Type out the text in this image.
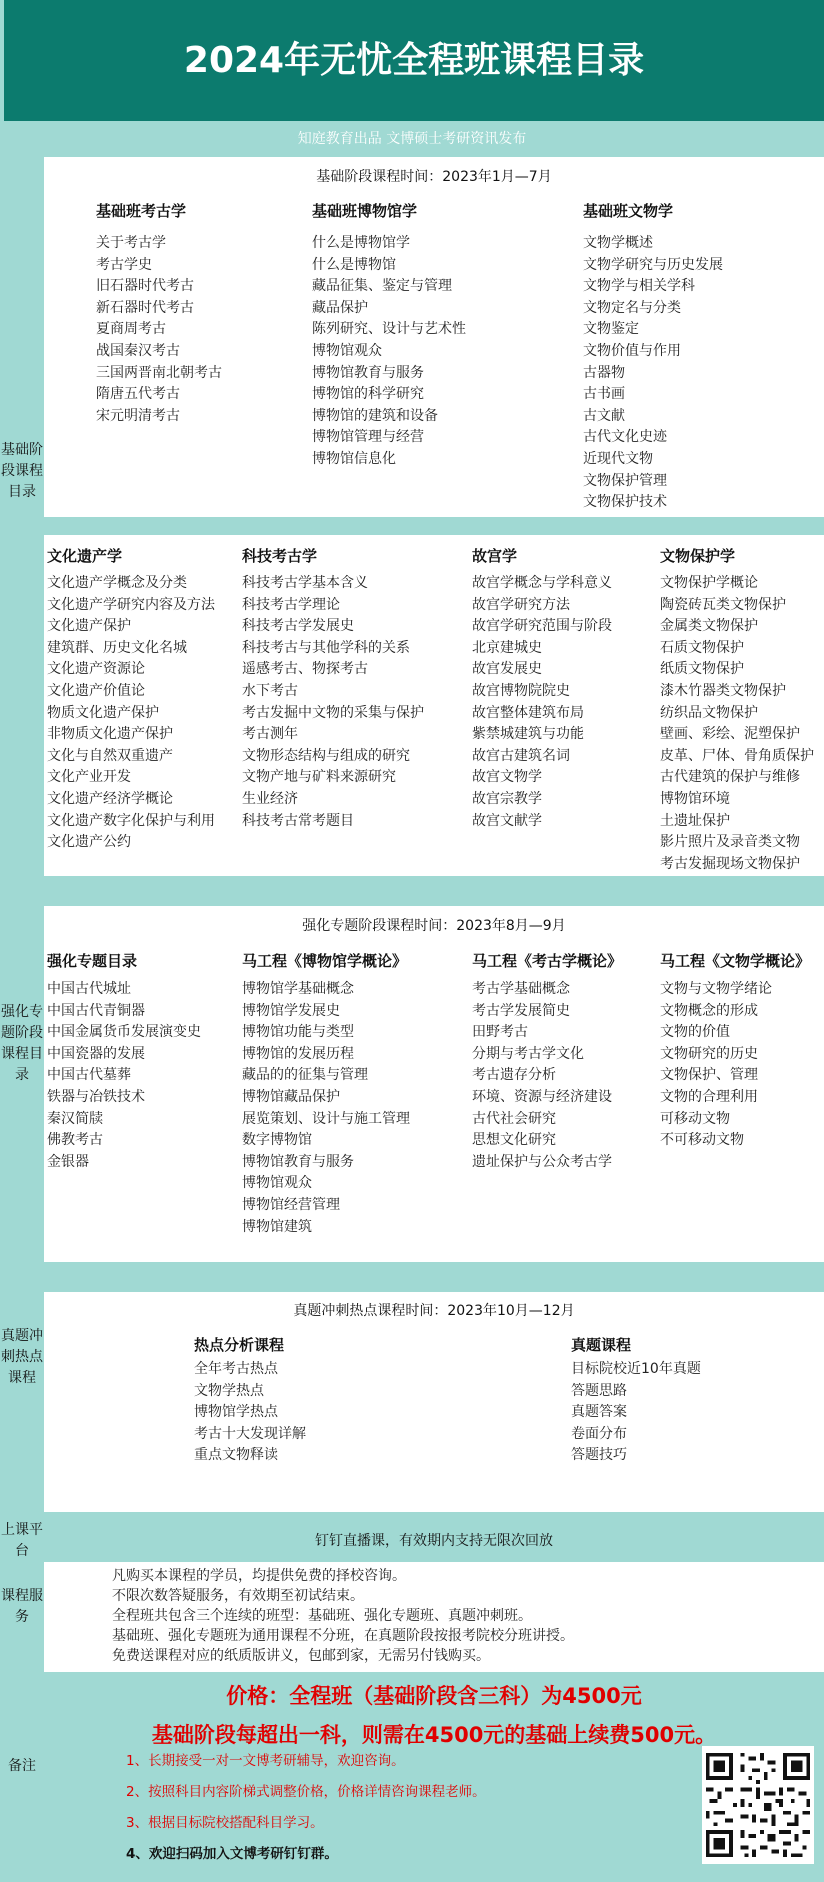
2024年无忧全程班课程目录
知庭教育出品 文博硕士考研资讯发布
基础阶段课程目录
强化专题阶段课程目录
真题冲刺热点课程
上课平台
课程服务
备注
基础阶段课程时间：2023年1月—7月
基础班考古学
关于考古学
考古学史
旧石器时代考古
新石器时代考古
夏商周考古
战国秦汉考古
三国两晋南北朝考古
隋唐五代考古
宋元明清考古
基础班博物馆学
什么是博物馆学
什么是博物馆
藏品征集、鉴定与管理
藏品保护
陈列研究、设计与艺术性
博物馆观众
博物馆教育与服务
博物馆的科学研究
博物馆的建筑和设备
博物馆管理与经营
博物馆信息化
基础班文物学
文物学概述
文物学研究与历史发展
文物学与相关学科
文物定名与分类
文物鉴定
文物价值与作用
古器物
古书画
古文献
古代文化史迹
近现代文物
文物保护管理
文物保护技术
文化遗产学
文化遗产学概念及分类
文化遗产学研究内容及方法
文化遗产保护
建筑群、历史文化名城
文化遗产资源论
文化遗产价值论
物质文化遗产保护
非物质文化遗产保护
文化与自然双重遗产
文化产业开发
文化遗产经济学概论
文化遗产数字化保护与利用
文化遗产公约
科技考古学
科技考古学基本含义
科技考古学理论
科技考古学发展史
科技考古与其他学科的关系
遥感考古、物探考古
水下考古
考古发掘中文物的采集与保护
考古测年
文物形态结构与组成的研究
文物产地与矿料来源研究
生业经济
科技考古常考题目
故宫学
故宫学概念与学科意义
故宫学研究方法
故宫学研究范围与阶段
北京建城史
故宫发展史
故宫博物院院史
故宫整体建筑布局
紫禁城建筑与功能
故宫古建筑名词
故宫文物学
故宫宗教学
故宫文献学
文物保护学
文物保护学概论
陶瓷砖瓦类文物保护
金属类文物保护
石质文物保护
纸质文物保护
漆木竹器类文物保护
纺织品文物保护
壁画、彩绘、泥塑保护
皮革、尸体、骨角质保护
古代建筑的保护与维修
博物馆环境
土遗址保护
影片照片及录音类文物
考古发掘现场文物保护
强化专题阶段课程时间：2023年8月—9月
强化专题目录
中国古代城址
中国古代青铜器
中国金属货币发展演变史
中国瓷器的发展
中国古代墓葬
铁器与冶铁技术
秦汉简牍
佛教考古
金银器
马工程《博物馆学概论》
博物馆学基础概念
博物馆学发展史
博物馆功能与类型
博物馆的发展历程
藏品的的征集与管理
博物馆藏品保护
展览策划、设计与施工管理
数字博物馆
博物馆教育与服务
博物馆观众
博物馆经营管理
博物馆建筑
马工程《考古学概论》
考古学基础概念
考古学发展简史
田野考古
分期与考古学文化
考古遗存分析
环境、资源与经济建设
古代社会研究
思想文化研究
遗址保护与公众考古学
马工程《文物学概论》
文物与文物学绪论
文物概念的形成
文物的价值
文物研究的历史
文物保护、管理
文物的合理利用
可移动文物
不可移动文物
真题冲刺热点课程时间：2023年10月—12月
热点分析课程
全年考古热点
文物学热点
博物馆学热点
考古十大发现详解
重点文物释读
真题课程
目标院校近10年真题
答题思路
真题答案
卷面分布
答题技巧
钉钉直播课，有效期内支持无限次回放
凡购买本课程的学员，均提供免费的择校咨询。
不限次数答疑服务，有效期至初试结束。
全程班共包含三个连续的班型：基础班、强化专题班、真题冲刺班。
基础班、强化专题班为通用课程不分班，在真题阶段按报考院校分班讲授。
免费送课程对应的纸质版讲义，包邮到家，无需另付钱购买。
价格：全程班（基础阶段含三科）为4500元
基础阶段每超出一科，则需在4500元的基础上续费500元。
1、长期接受一对一文博考研辅导，欢迎咨询。
2、按照科目内容阶梯式调整价格，价格详情咨询课程老师。
3、根据目标院校搭配科目学习。
4、欢迎扫码加入文博考研钉钉群。
